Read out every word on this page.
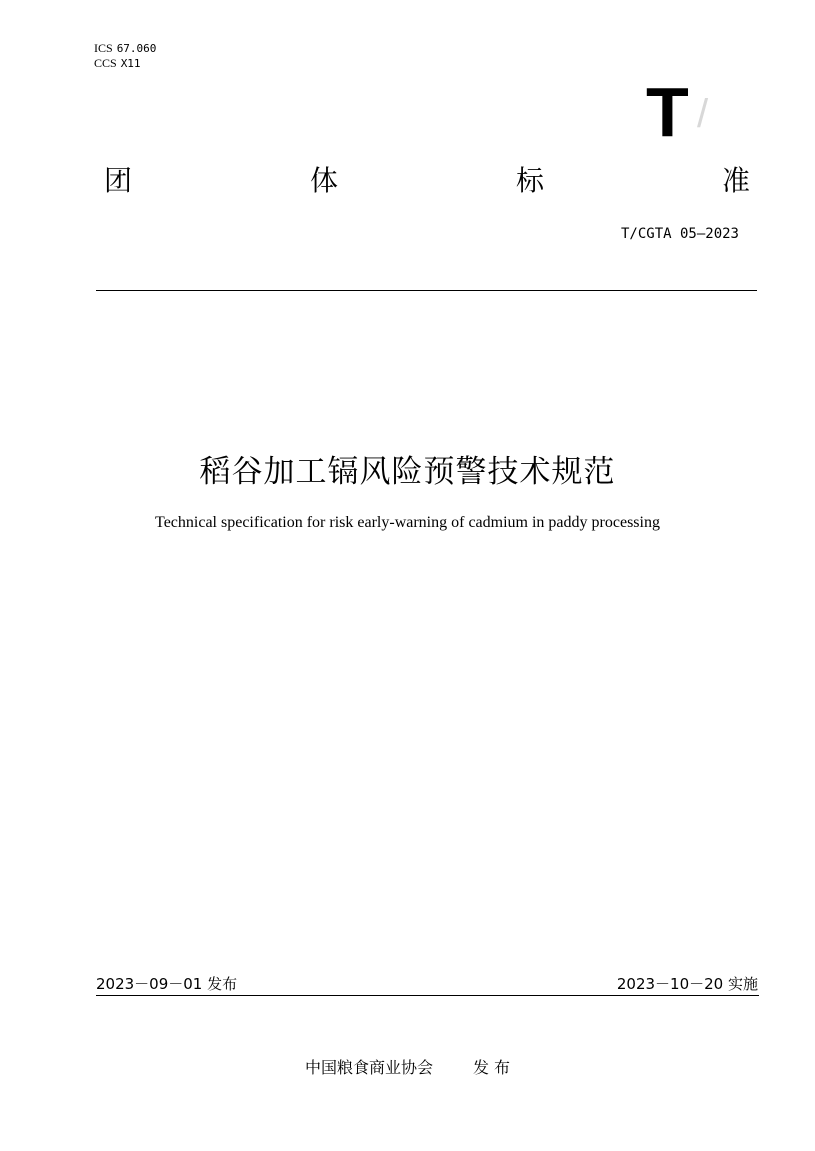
ICS 67.060
CCS X11
T /
团	体	标	准
T/CGTA 05—2023
稻谷加工镉风险预警技术规范
Technical specification for risk early-warning of cadmium in paddy processing
2023－09－01 发布	2023－10－20 实施
中国粮食商业协会	发 布
